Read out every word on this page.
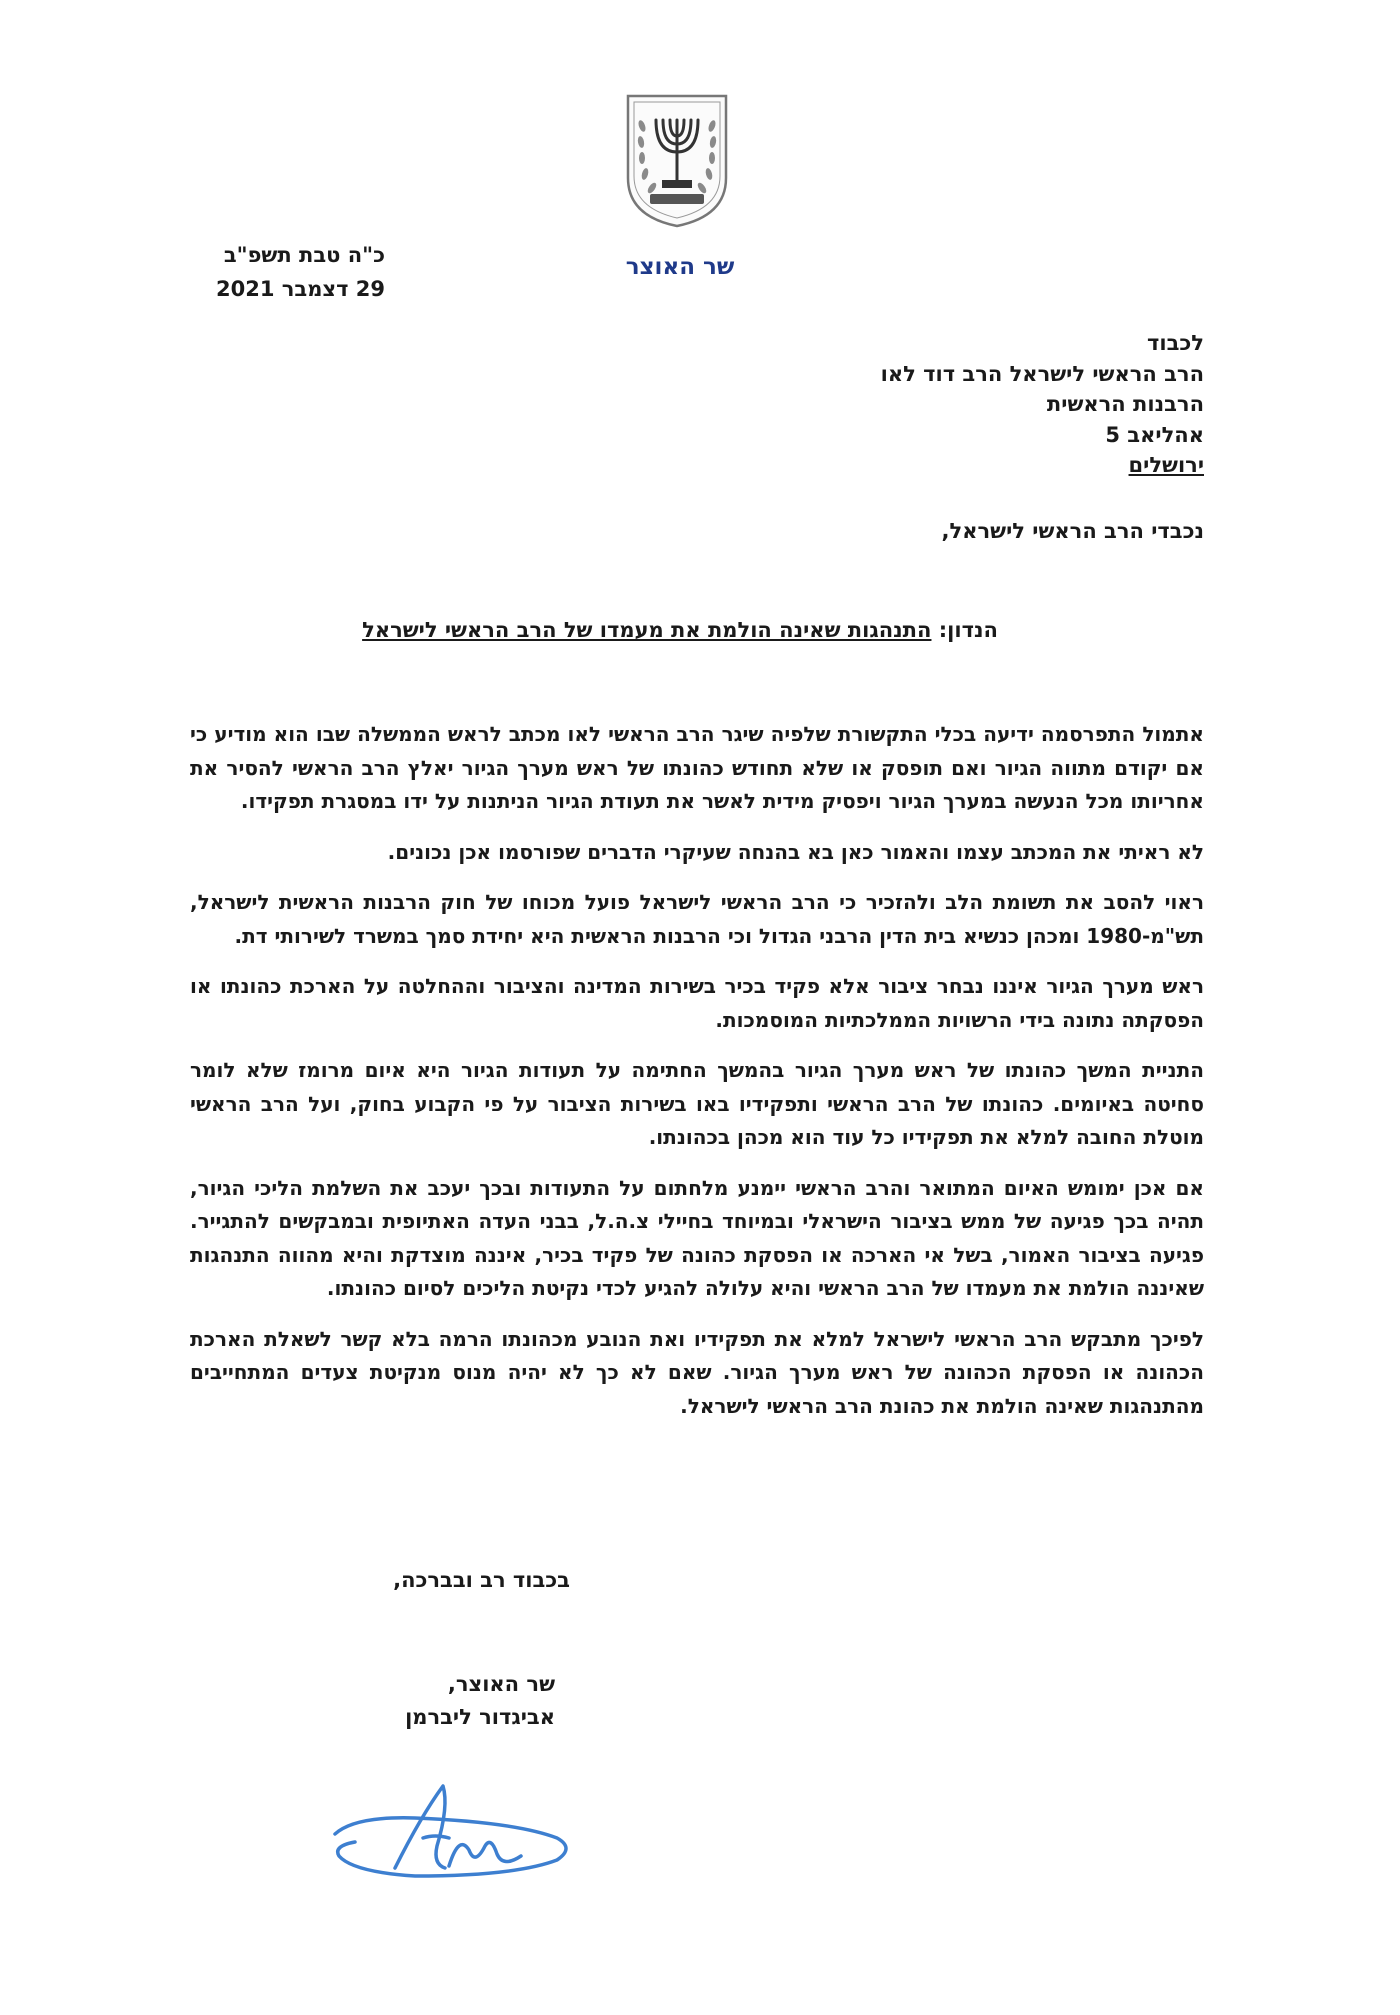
שר האוצר
כ"ה טבת תשפ"ב
29 דצמבר 2021
לכבוד
הרב הראשי לישראל הרב דוד לאו
הרבנות הראשית
אהליאב 5
ירושלים
נכבדי הרב הראשי לישראל,
הנדון: התנהגות שאינה הולמת את מעמדו של הרב הראשי לישראל

אתמול התפרסמה ידיעה בכלי התקשורת שלפיה שיגר הרב הראשי לאו מכתב לראש הממשלה שבו הוא מודיע כי אם יקודם מתווה הגיור ואם תופסק או שלא תחודש כהונתו של ראש מערך הגיור יאלץ הרב הראשי להסיר את אחריותו מכל הנעשה במערך הגיור ויפסיק מידית לאשר את תעודת הגיור הניתנות על ידו במסגרת תפקידו.

לא ראיתי את המכתב עצמו והאמור כאן בא בהנחה שעיקרי הדברים שפורסמו אכן נכונים.

ראוי להסב את תשומת הלב ולהזכיר כי הרב הראשי לישראל פועל מכוחו של חוק הרבנות הראשית לישראל, תש"מ-1980 ומכהן כנשיא בית הדין הרבני הגדול וכי הרבנות הראשית היא יחידת סמך במשרד לשירותי דת.

ראש מערך הגיור איננו נבחר ציבור אלא פקיד בכיר בשירות המדינה והציבור וההחלטה על הארכת כהונתו או הפסקתה נתונה בידי הרשויות הממלכתיות המוסמכות.

התניית המשך כהונתו של ראש מערך הגיור בהמשך החתימה על תעודות הגיור היא איום מרומז שלא לומר סחיטה באיומים. כהונתו של הרב הראשי ותפקידיו באו בשירות הציבור על פי הקבוע בחוק, ועל הרב הראשי מוטלת החובה למלא את תפקידיו כל עוד הוא מכהן בכהונתו.

אם אכן ימומש האיום המתואר והרב הראשי יימנע מלחתום על התעודות ובכך יעכב את השלמת הליכי הגיור, תהיה בכך פגיעה של ממש בציבור הישראלי ובמיוחד בחיילי צ.ה.ל, בבני העדה האתיופית ובמבקשים להתגייר. פגיעה בציבור האמור, בשל אי הארכה או הפסקת כהונה של פקיד בכיר, איננה מוצדקת והיא מהווה התנהגות שאיננה הולמת את מעמדו של הרב הראשי והיא עלולה להגיע לכדי נקיטת הליכים לסיום כהונתו.

לפיכך מתבקש הרב הראשי לישראל למלא את תפקידיו ואת הנובע מכהונתו הרמה בלא קשר לשאלת הארכת הכהונה או הפסקת הכהונה של ראש מערך הגיור. שאם לא כך לא יהיה מנוס מנקיטת צעדים המתחייבים מהתנהגות שאינה הולמת את כהונת הרב הראשי לישראל.

בכבוד רב ובברכה,
שר האוצר,
אביגדור ליברמן
